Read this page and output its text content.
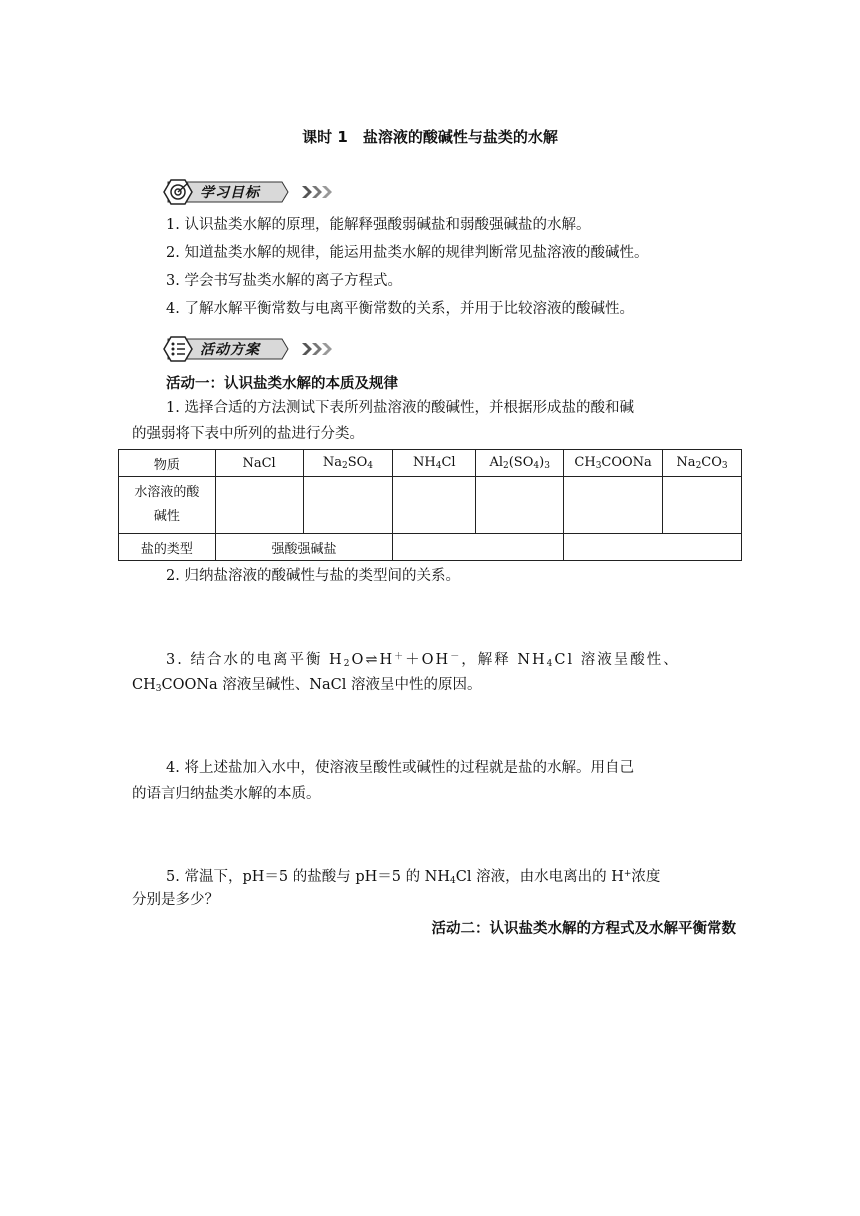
课时 1　盐溶液的酸碱性与盐类的水解
学习目标
1. 认识盐类水解的原理，能解释强酸弱碱盐和弱酸强碱盐的水解。
2. 知道盐类水解的规律，能运用盐类水解的规律判断常见盐溶液的酸碱性。
3. 学会书写盐类水解的离子方程式。
4. 了解水解平衡常数与电离平衡常数的关系，并用于比较溶液的酸碱性。
活动方案
活动一：认识盐类水解的本质及规律
1. 选择合适的方法测试下表所列盐溶液的酸碱性，并根据形成盐的酸和碱
的强弱将下表中所列的盐进行分类。
物质	NaCl	$Na_2SO_4$	$NH_4Cl$	$Al_2(SO_4)_3$	$CH_3COONa$	$Na_2CO_3$
水溶液的酸
碱性						
盐的类型	强酸强碱盐					
2. 归纳盐溶液的酸碱性与盐的类型间的关系。
3. 结合水的电离平衡 $H_2O\rightleftharpoons H^++OH^-$，解释 $NH_4Cl$ 溶液呈酸性、
$CH_3COONa$ 溶液呈碱性、NaCl 溶液呈中性的原因。
4. 将上述盐加入水中，使溶液呈酸性或碱性的过程就是盐的水解。用自己
的语言归纳盐类水解的本质。
5. 常温下，pH＝5 的盐酸与 pH＝5 的 $NH_4Cl$ 溶液，由水电离出的 H+浓度
分别是多少？
活动二：认识盐类水解的方程式及水解平衡常数
